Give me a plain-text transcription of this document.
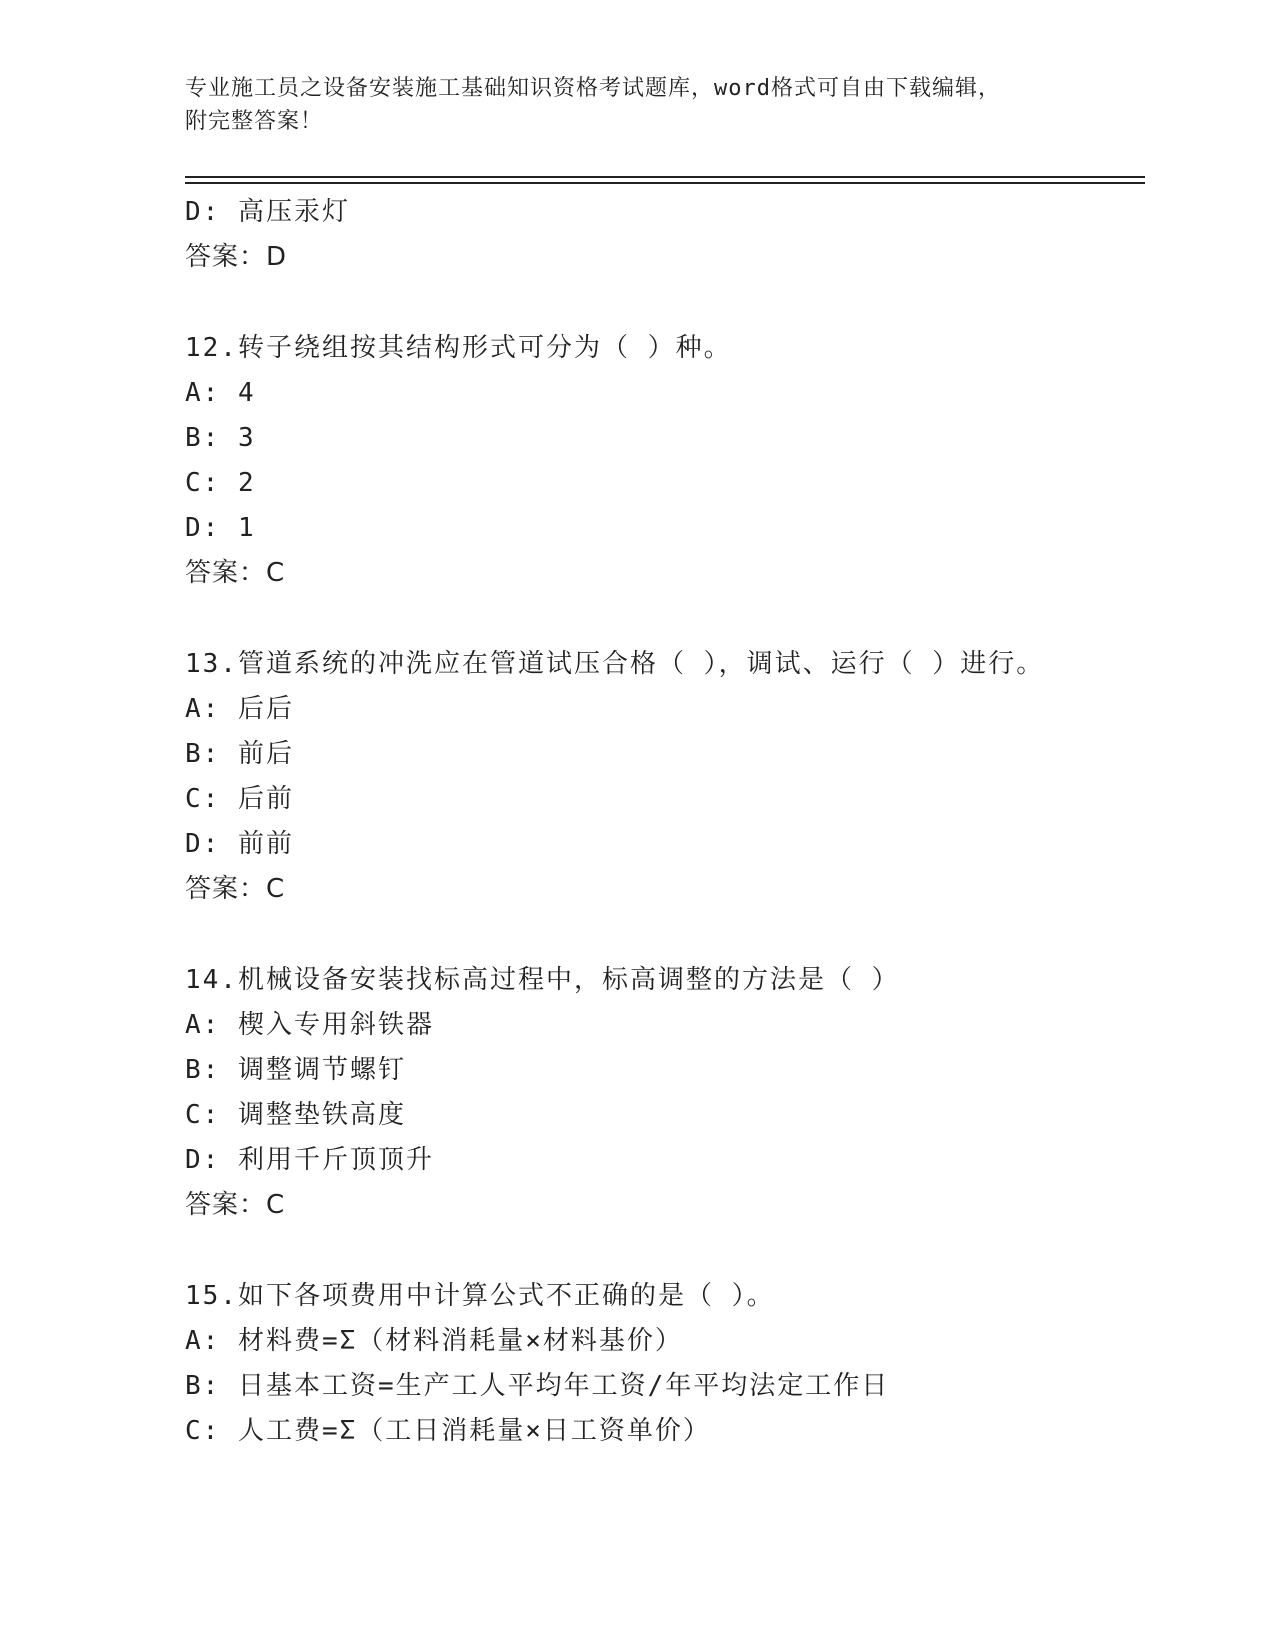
专业施工员之设备安装施工基础知识资格考试题库，word格式可自由下载编辑，
附完整答案！
D: 高压汞灯
答案：D
12.转子绕组按其结构形式可分为（ ）种。
A: 4
B: 3
C: 2
D: 1
答案：C
13.管道系统的冲洗应在管道试压合格（ ），调试、运行（ ）进行。
A: 后后
B: 前后
C: 后前
D: 前前
答案：C
14.机械设备安装找标高过程中，标高调整的方法是（ ）
A: 楔入专用斜铁器
B: 调整调节螺钉
C: 调整垫铁高度
D: 利用千斤顶顶升
答案：C
15.如下各项费用中计算公式不正确的是（ ）。
A: 材料费=Σ（材料消耗量×材料基价）
B: 日基本工资=生产工人平均年工资/年平均法定工作日
C: 人工费=Σ（工日消耗量×日工资单价）
